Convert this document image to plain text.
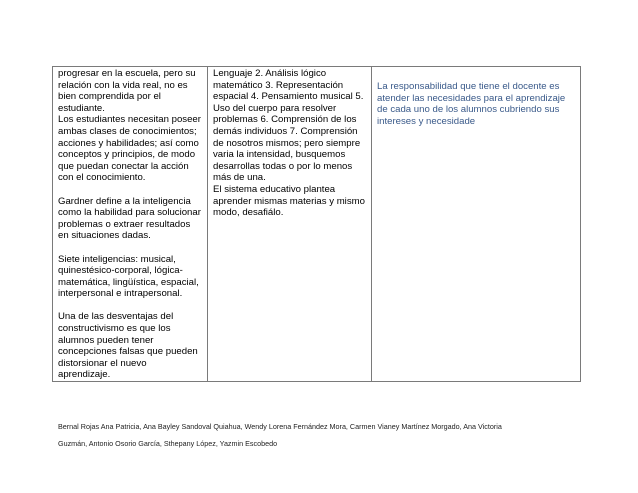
progresar en la escuela, pero su
relación con la vida real, no es
bien comprendida por el
estudiante.
Los estudiantes necesitan poseer
ambas clases de conocimientos;
acciones y habilidades; así como
conceptos y principios, de modo
que puedan conectar la acción
con el conocimiento.

Gardner define a la inteligencia
como la habilidad para solucionar
problemas o extraer resultados
en situaciones dadas.

Siete inteligencias: musical,
quinestésico-corporal, lógica-
matemática, lingüística, espacial,
interpersonal e intrapersonal.

Una de las desventajas del
constructivismo es que los
alumnos pueden tener
concepciones falsas que pueden
distorsionar el nuevo
aprendizaje.

Lenguaje 2. Análisis lógico
matemático 3. Representación
espacial 4. Pensamiento musical 5.
Uso del cuerpo para resolver
problemas 6. Comprensión de los
demás individuos 7. Comprensión
de nosotros mismos; pero siempre
varia la intensidad, busquemos
desarrollas todas o por lo menos
más de una.
El sistema educativo plantea
aprender mismas materias y mismo
modo, desafiálo.

La responsabilidad que tiene el docente es
atender las necesidades para el aprendizaje
de cada uno de los alumnos cubriendo sus
intereses y necesidade

Bernal Rojas Ana Patricia, Ana Bayley Sandoval Quiahua, Wendy Lorena Fernández Mora, Carmen Vianey Martínez Morgado, Ana Victoria
Guzmán, Antonio Osorio García, Sthepany López, Yazmin Escobedo
